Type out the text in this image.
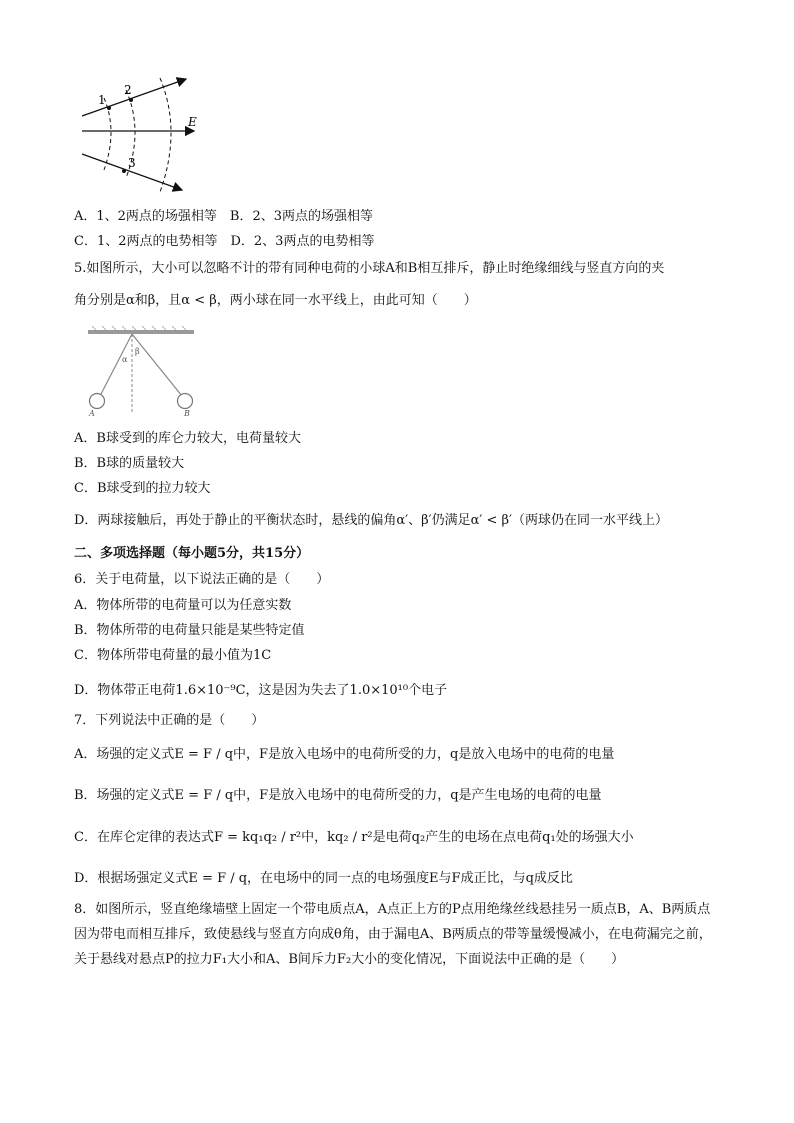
1
2
3
E
A．1、2两点的场强相等　B．2、3两点的场强相等
C．1、2两点的电势相等　D．2、3两点的电势相等
5.如图所示，大小可以忽略不计的带有同种电荷的小球A和B相互排斥，静止时绝缘细线与竖直方向的夹
角分别是α和β，且α < β，两小球在同一水平线上，由此可知（　　）
α
β
A	B
A．B球受到的库仑力较大，电荷量较大
B．B球的质量较大
C．B球受到的拉力较大
D．两球接触后，再处于静止的平衡状态时，悬线的偏角α′、β′仍满足α′ < β′（两球仍在同一水平线上）
二、多项选择题（每小题5分，共15分）
6．关于电荷量，以下说法正确的是（　　）
A．物体所带的电荷量可以为任意实数
B．物体所带的电荷量只能是某些特定值
C．物体所带电荷量的最小值为1C
D．物体带正电荷1.6×10⁻⁹C，这是因为失去了1.0×10¹⁰个电子
7．下列说法中正确的是（　　）
A．场强的定义式E = F / q中，F是放入电场中的电荷所受的力，q是放入电场中的电荷的电量
B．场强的定义式E = F / q中，F是放入电场中的电荷所受的力，q是产生电场的电荷的电量
C．在库仑定律的表达式F = kq₁q₂ / r²中，kq₂ / r²是电荷q₂产生的电场在点电荷q₁处的场强大小
D．根据场强定义式E = F / q，在电场中的同一点的电场强度E与F成正比，与q成反比
8．如图所示，竖直绝缘墙壁上固定一个带电质点A，A点正上方的P点用绝缘丝线悬挂另一质点B，A、B两质点因为带电而相互排斥，致使悬线与竖直方向成θ角，由于漏电A、B两质点的带等量缓慢减小，在电荷漏完之前，关于悬线对悬点P的拉力F₁大小和A、B间斥力F₂大小的变化情况，下面说法中正确的是（　　）
